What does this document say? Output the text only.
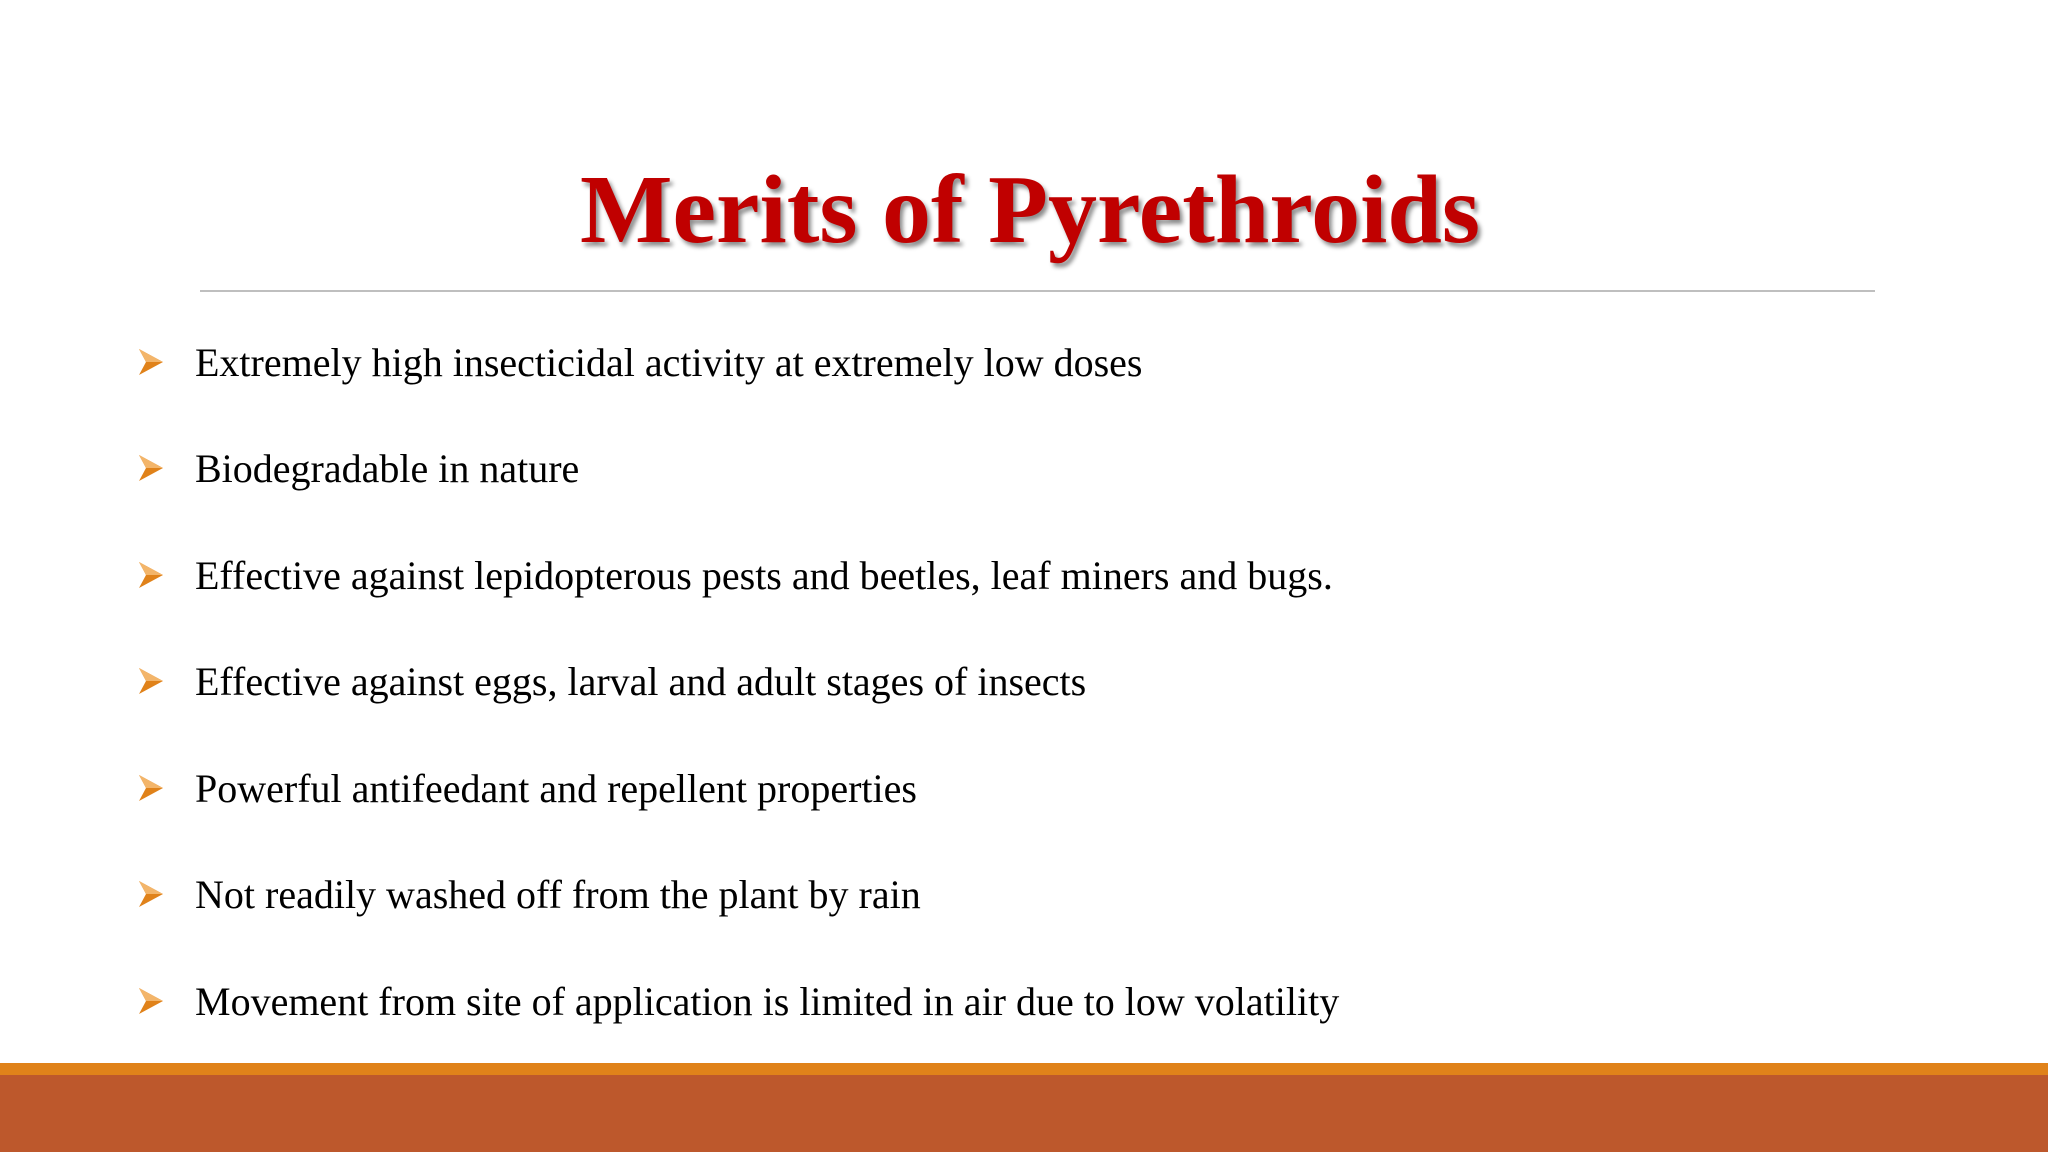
Merits of Pyrethroids
Extremely high insecticidal activity at extremely low doses
Biodegradable in nature
Effective against lepidopterous pests and beetles, leaf miners and bugs.
Effective against eggs, larval and adult stages of insects
Powerful antifeedant and repellent properties
Not readily washed off from the plant by rain
Movement from site of application is limited in air due to low volatility
